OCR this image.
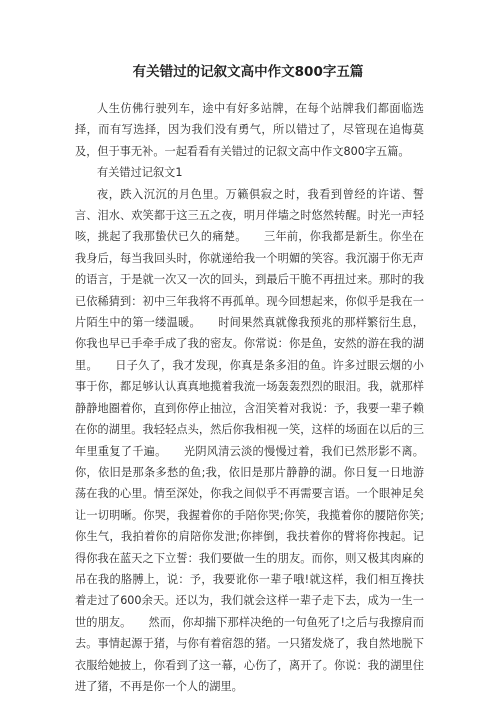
有关错过的记叙文高中作文800字五篇

人生仿佛行驶列车，途中有好多站牌，在每个站牌我们都面临选择，而有写选择，因为我们没有勇气，所以错过了，尽管现在追悔莫及，但于事无补。一起看看有关错过的记叙文高中作文800字五篇。

有关错过记叙文1

夜，跌入沉沉的月色里。万籁俱寂之时，我看到曾经的许诺、誓言、泪水、欢笑都于这三五之夜，明月伴墙之时悠然转醒。时光一声轻咳，挑起了我那蛰伏已久的痛楚。　　三年前，你我都是新生。你坐在我身后，每当我回头时，你就递给我一个明媚的笑容。我沉溺于你无声的语言，于是就一次又一次的回头，到最后干脆不再扭过来。那时的我已依稀猜到：初中三年我将不再孤单。现今回想起来，你似乎是我在一片陌生中的第一缕温暖。　　时间果然真就像我预兆的那样繁衍生息，你我也早已手牵手成了我的密友。你常说：你是鱼，安然的游在我的湖里。　　日子久了，我才发现，你真是条多泪的鱼。许多过眼云烟的小事于你，都足够认认真真地揽着我流一场轰轰烈烈的眼泪。我，就那样静静地圈着你，直到你停止抽泣，含泪笑着对我说：予，我要一辈子赖在你的湖里。我轻轻点头，然后你我相视一笑，这样的场面在以后的三年里重复了千遍。　　光阴风清云淡的慢慢过着，我们已然形影不离。你，依旧是那条多愁的鱼;我，依旧是那片静静的湖。你日复一日地游荡在我的心里。情至深处，你我之间似乎不再需要言语。一个眼神足矣让一切明晰。你哭，我握着你的手陪你哭;你笑，我揽着你的腰陪你笑;你生气，我拍着你的肩陪你发泄;你摔倒，我扶着你的臂将你拽起。记得你我在蓝天之下立誓：我们要做一生的朋友。而你，则又极其肉麻的吊在我的胳膊上，说：予，我要讹你一辈子哦!就这样，我们相互搀扶着走过了600余天。还以为，我们就会这样一辈子走下去，成为一生一世的朋友。　　然而，你却揣下那样决绝的一句鱼死了!之后与我擦肩而去。事情起源于猪，与你有着宿怨的猪。一只猪发烧了，我自然地脱下衣服给她披上，你看到了这一幕，心伤了，离开了。你说：我的湖里住进了猪，不再是你一个人的湖里。
